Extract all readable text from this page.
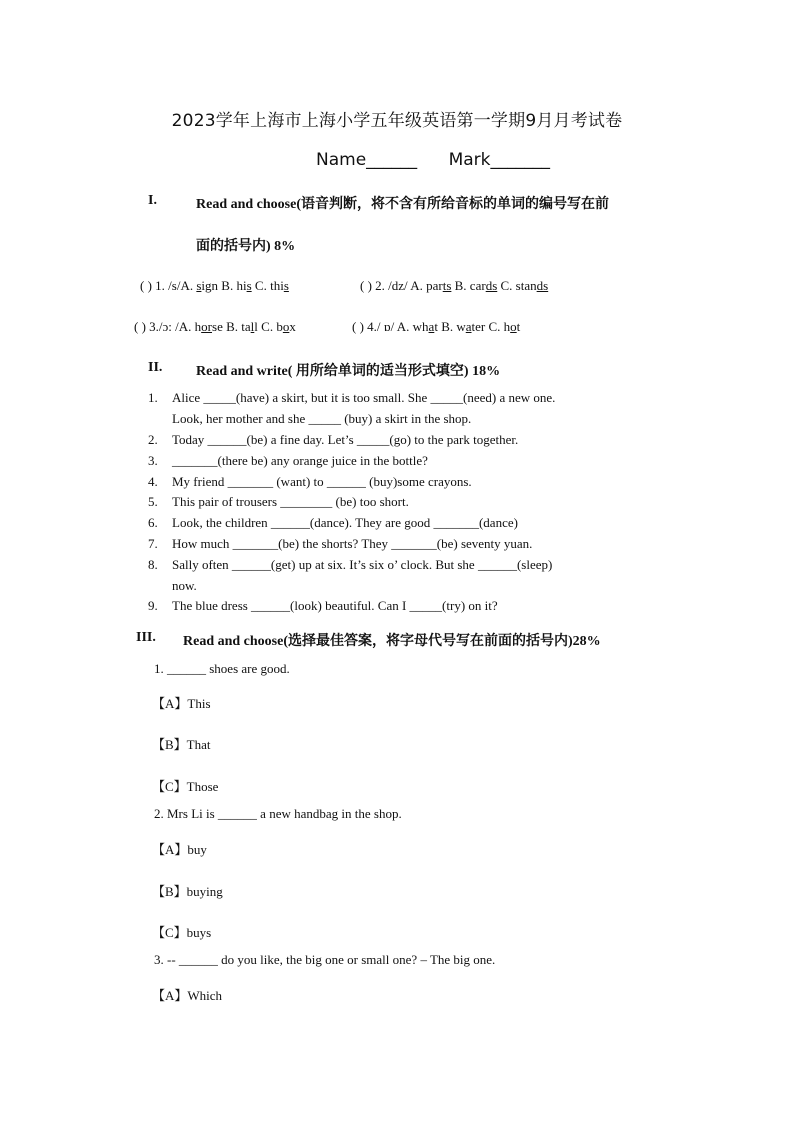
2023学年上海市上海小学五年级英语第一学期9月月考试卷
Name______ Mark_______
I.	Read and choose(语音判断，将不含有所给音标的单词的编号写在前
面的括号内) 8%
( ) 1. /s/A. sign B. his C. this	( ) 2. /dz/ A. parts B. cards C. stands
( ) 3./ɔ: /A. horse B. tall C. box	( ) 4./ ɒ/ A. what B. water C. hot
II. Read and write( 用所给单词的适当形式填空) 18%
1. Alice _____(have) a skirt, but it is too small. She _____(need) a new one.
Look, her mother and she _____ (buy) a skirt in the shop.
2. Today ______(be) a fine day. Let’s _____(go) to the park together.
3. _______(there be) any orange juice in the bottle?
4. My friend _______ (want) to ______ (buy)some crayons.
5. This pair of trousers ________ (be) too short.
6. Look, the children ______(dance). They are good _______(dance)
7. How much _______(be) the shorts? They _______(be) seventy yuan.
8. Sally often ______(get) up at six. It’s six o’ clock. But she ______(sleep)
now.
9. The blue dress ______(look) beautiful. Can I _____(try) on it?
III. Read and choose(选择最佳答案，将字母代号写在前面的括号内)28%
1. ______ shoes are good.
【A】This
【B】That
【C】Those
2. Mrs Li is ______ a new handbag in the shop.
【A】buy
【B】buying
【C】buys
3. -- ______ do you like, the big one or small one? – The big one.
【A】Which
